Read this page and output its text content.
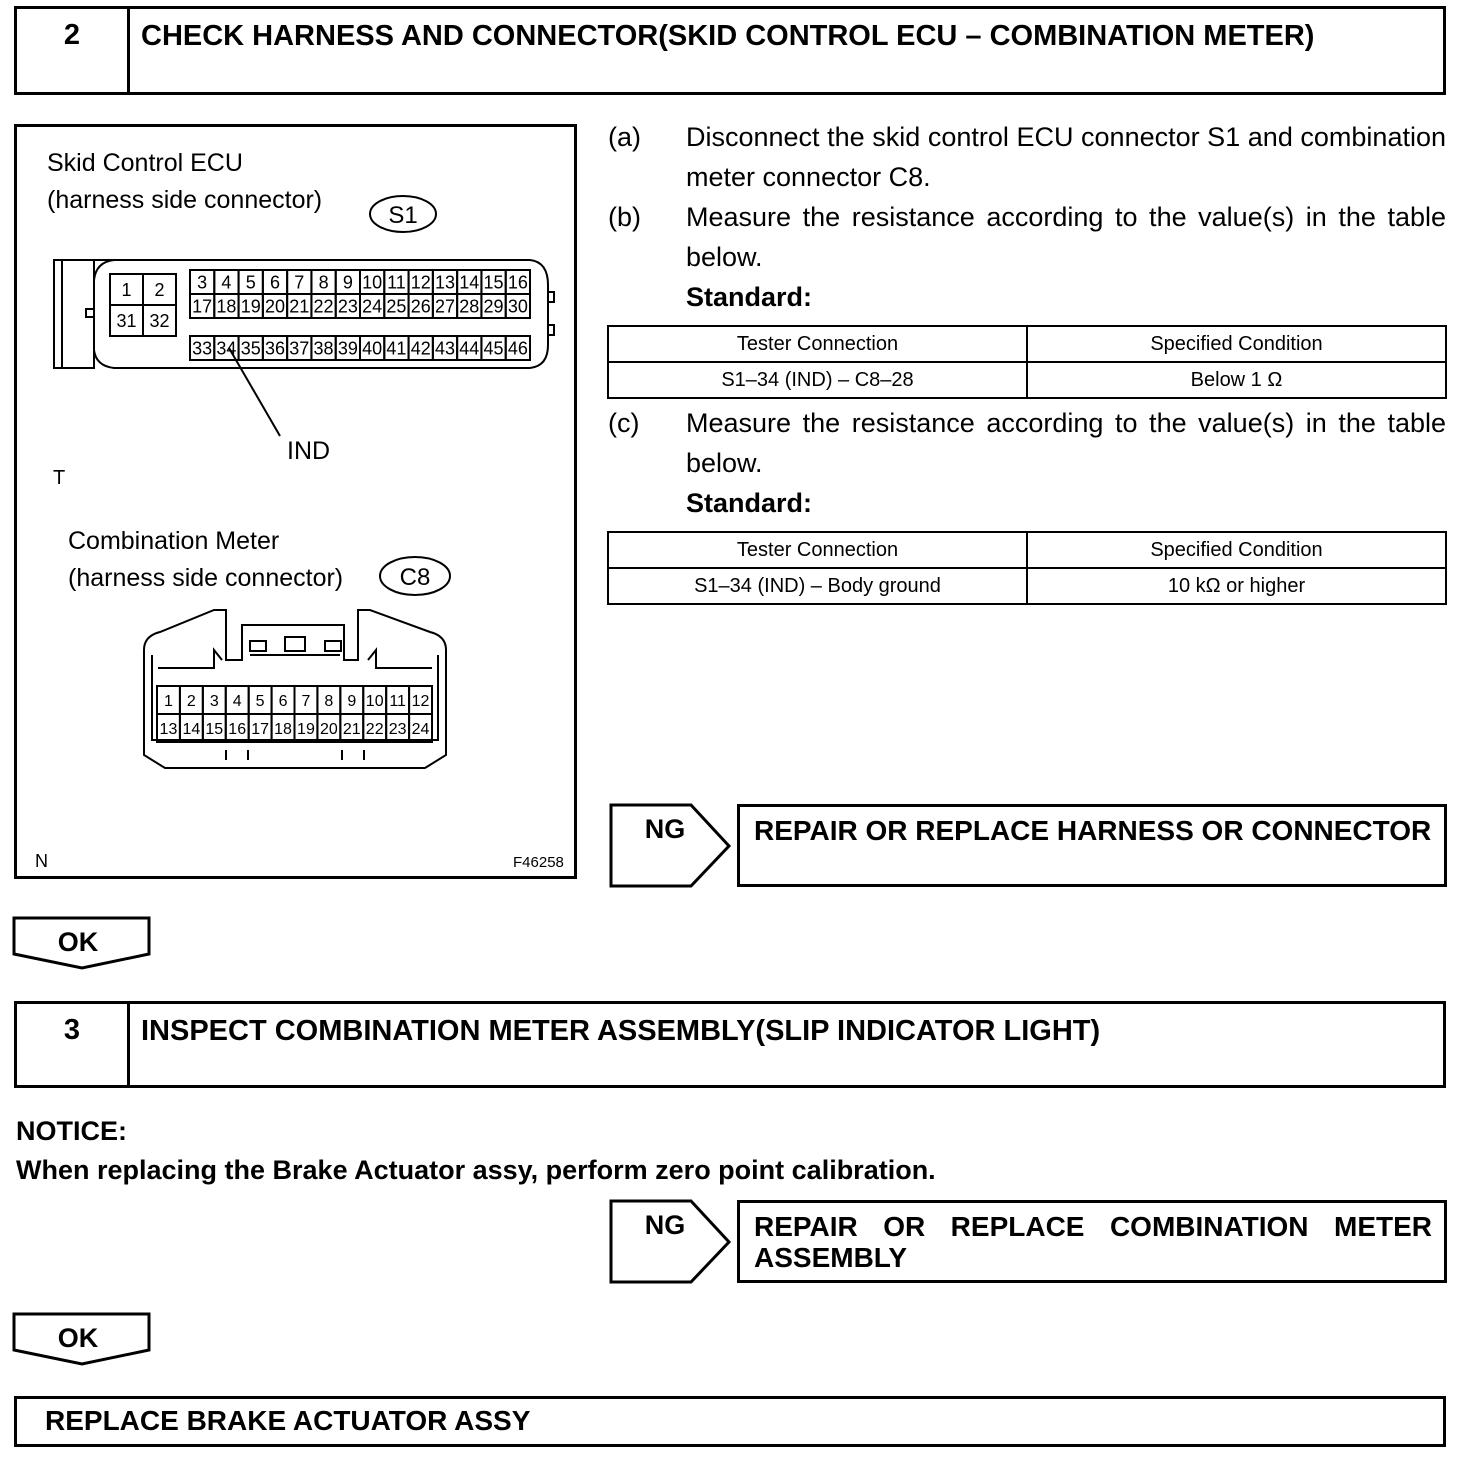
2	CHECK HARNESS AND CONNECTOR(SKID CONTROL ECU – COMBINATION METER)
Skid Control ECU
(harness side connector)
IND
T
Combination Meter
(harness side connector)
N	F46258
S1
1 2
31 32
3 4 5 6 7 8 9 10 11 12 13 14 15 16
17 18 19 20 21 22 23 24 25 26 27 28 29 30
33 34 35 36 37 38 39 40 41 42 43 44 45 46
C8
1 2 3 4 5 6 7 8 9 10 11 12
13 14 15 16 17 18 19 20 21 22 23 24
(a) Disconnect the skid control ECU connector S1 and combination meter connector C8.
(b) Measure the resistance according to the value(s) in the table below.
Standard:
Tester Connection	Specified Condition
S1–34 (IND) – C8–28	Below 1 Ω
(c) Measure the resistance according to the value(s) in the table below.
Standard:
Tester Connection	Specified Condition
S1–34 (IND) – Body ground	10 kΩ or higher
NG	REPAIR OR REPLACE HARNESS OR CONNECTOR
OK
3	INSPECT COMBINATION METER ASSEMBLY(SLIP INDICATOR LIGHT)
NOTICE:
When replacing the Brake Actuator assy, perform zero point calibration.
NG	REPAIR OR REPLACE COMBINATION METER ASSEMBLY
OK
REPLACE BRAKE ACTUATOR ASSY
